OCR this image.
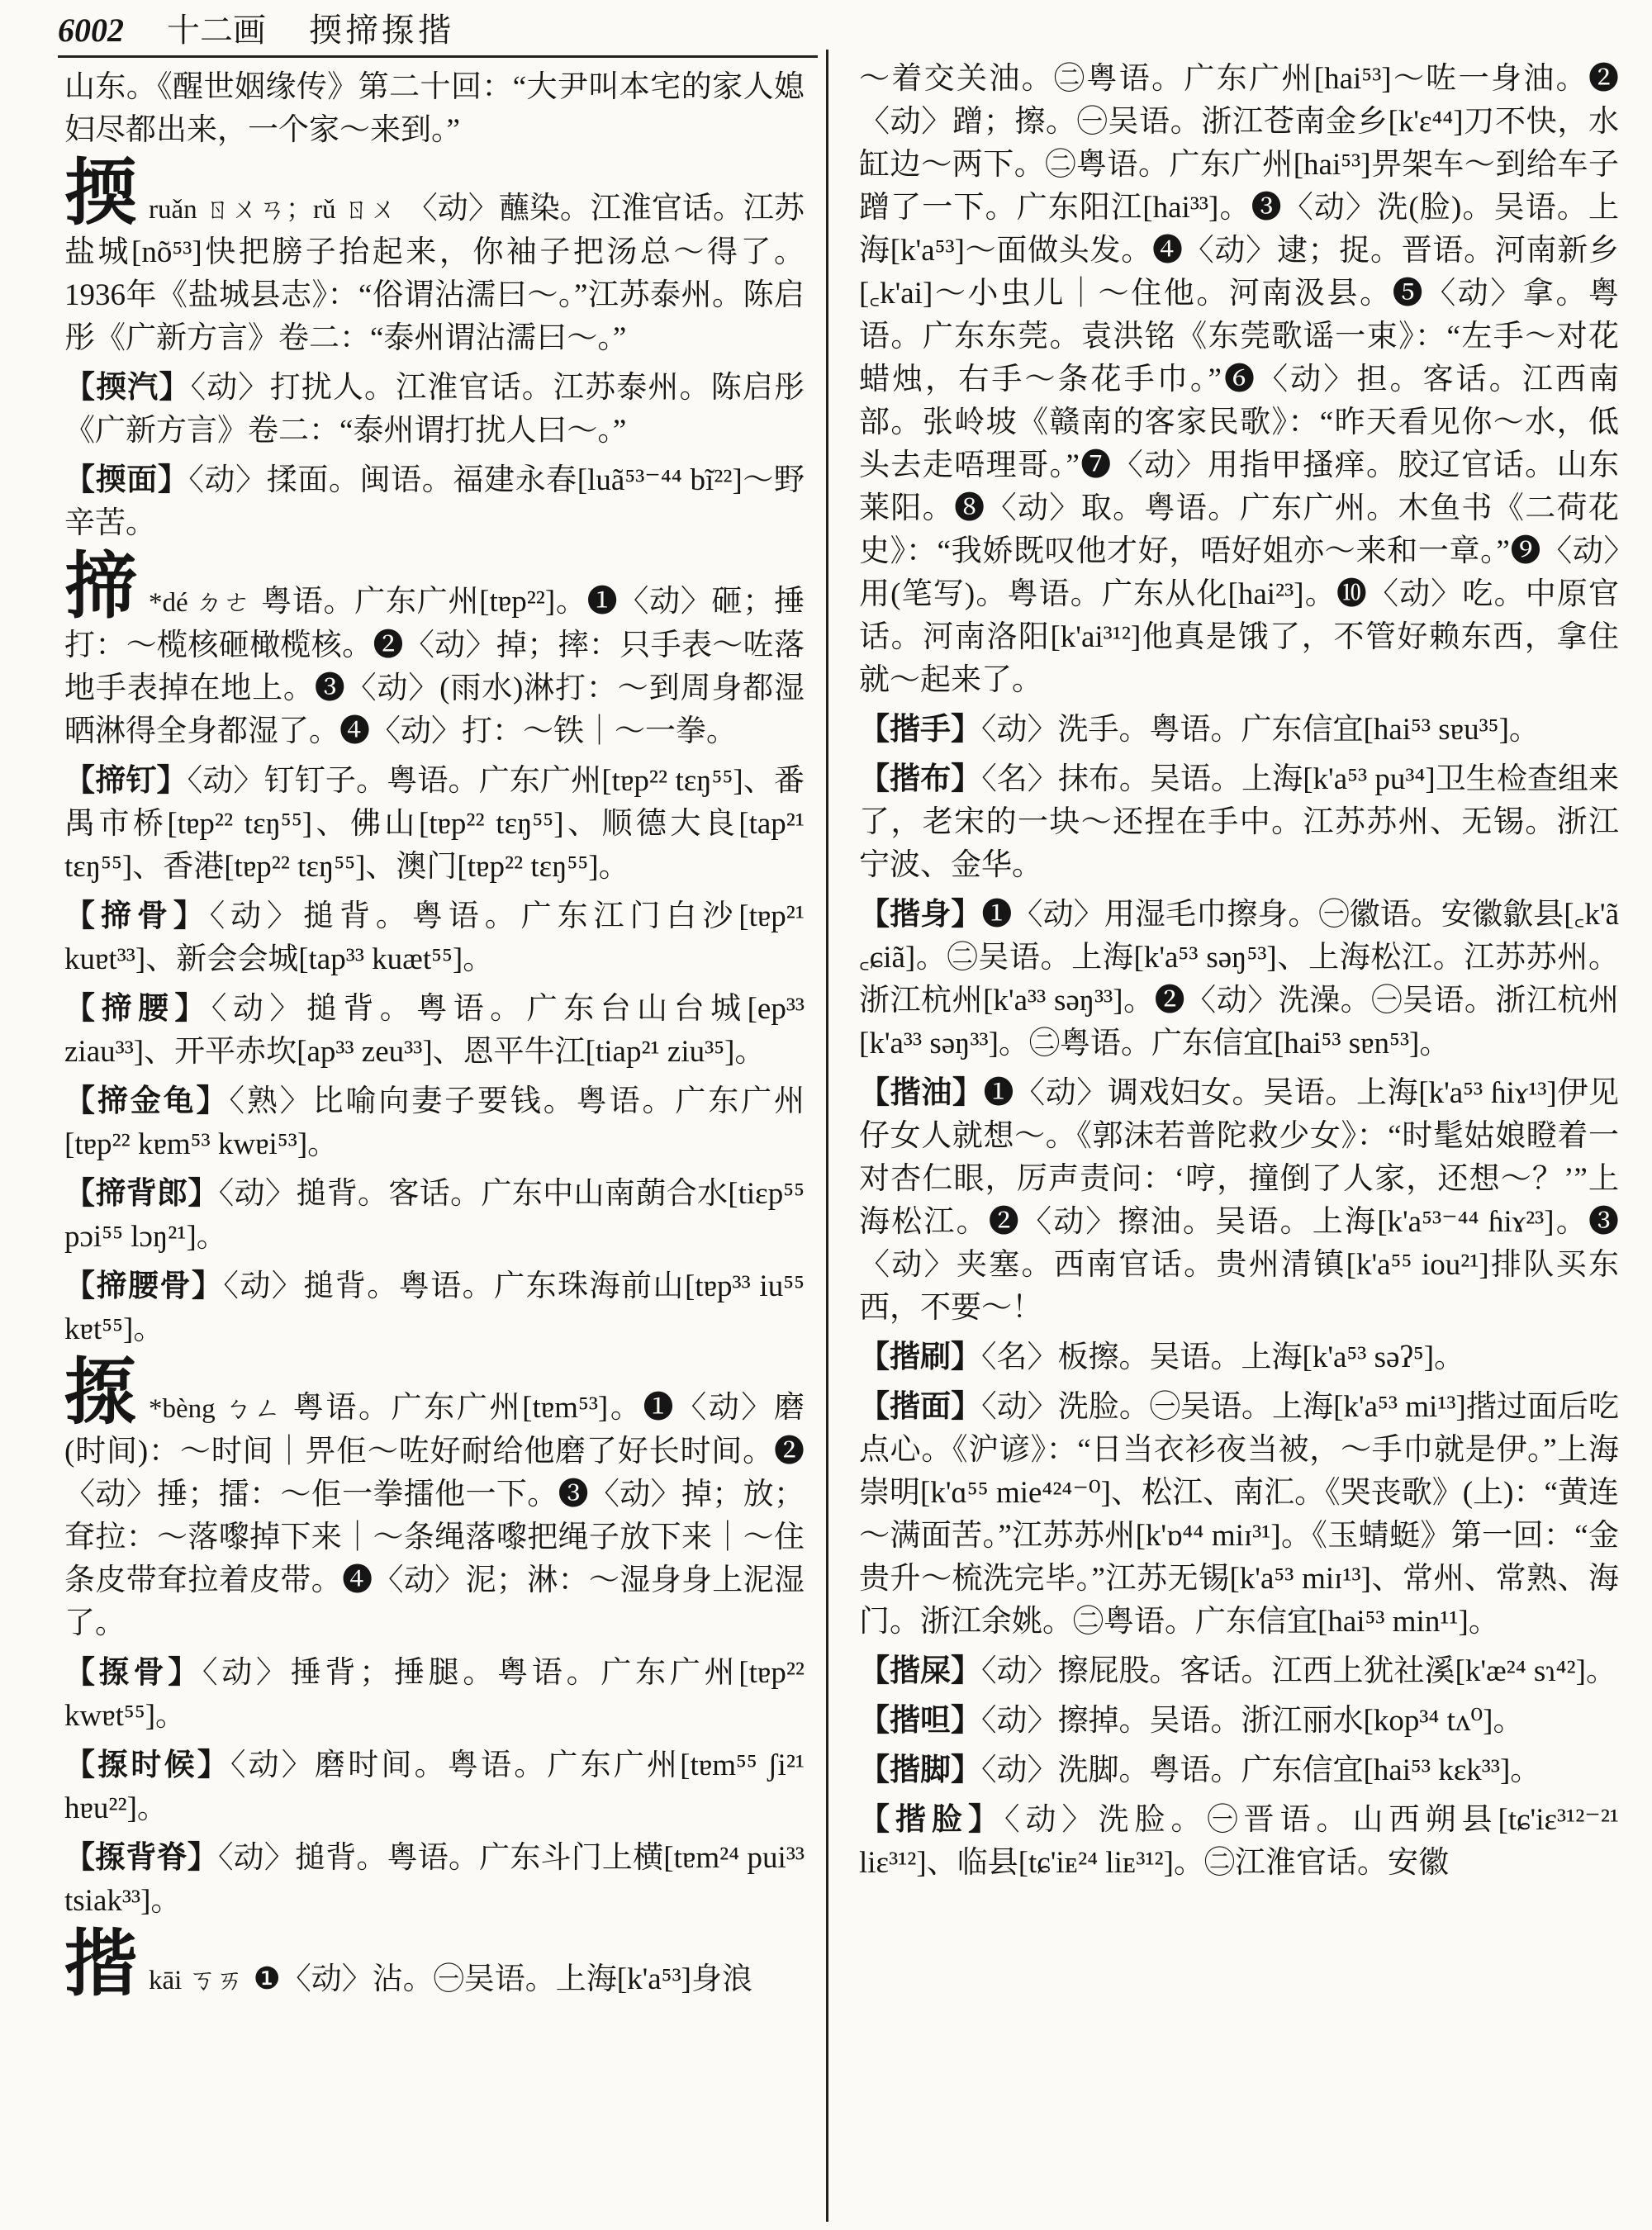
6002 十二画 㨎揥揼揩

山东。《醒世姻缘传》第二十回：“大尹叫本宅的家人媳妇尽都出来，一个家～来到。”

㨎ruǎn ㄖㄨㄢ；rǔ ㄖㄨ 〈动〉蘸染。江淮官话。江苏盐城[nõ⁵³]快把膀子抬起来，你袖子把汤总～得了。1936年《盐城县志》：“俗谓沾濡曰～。”江苏泰州。陈启彤《广新方言》卷二：“泰州谓沾濡曰～。”
【㨎汽】〈动〉打扰人。江淮官话。江苏泰州。陈启彤《广新方言》卷二：“泰州谓打扰人曰～。”
【㨎面】〈动〉揉面。闽语。福建永春[luã⁵³⁻⁴⁴ bĩ²²]～野辛苦。
揥 *dé ㄉㄜ 粤语。广东广州[tɐp²²]。❶〈动〉砸；捶打：～榄核砸橄榄核。❷〈动〉掉；摔：只手表～咗落地手表掉在地上。❸〈动〉(雨水)淋打：～到周身都湿晒淋得全身都湿了。❹〈动〉打：～铁｜～一拳。
【揥钉】〈动〉钉钉子。粤语。广东广州[tɐp²² tɛŋ⁵⁵]、番禺市桥[tɐp²² tɛŋ⁵⁵]、佛山[tɐp²² tɛŋ⁵⁵]、顺德大良[tap²¹ tɛŋ⁵⁵]、香港[tɐp²² tɛŋ⁵⁵]、澳门[tɐp²² tɛŋ⁵⁵]。
【揥骨】〈动〉搥背。粤语。广东江门白沙[tɐp²¹ kuɐt³³]、新会会城[tap³³ kuæt⁵⁵]。
【揥腰】〈动〉搥背。粤语。广东台山台城[ep³³ ziau³³]、开平赤坎[ap³³ zeu³³]、恩平牛江[tiap²¹ ziu³⁵]。
【揥金龟】〈熟〉比喻向妻子要钱。粤语。广东广州[tɐp²² kɐm⁵³ kwɐi⁵³]。
【揥背郎】〈动〉搥背。客话。广东中山南蓢合水[tiɛp⁵⁵ pɔi⁵⁵ lɔŋ²¹]。
【揥腰骨】〈动〉搥背。粤语。广东珠海前山[tɐp³³ iu⁵⁵ kɐt⁵⁵]。
揼 *bèng ㄅㄥ 粤语。广东广州[tɐm⁵³]。❶〈动〉磨(时间)：～时间｜畀佢～咗好耐给他磨了好长时间。❷〈动〉捶；擂：～佢一拳擂他一下。❸〈动〉掉；放；耷拉：～落嚟掉下来｜～条绳落嚟把绳子放下来｜～住条皮带耷拉着皮带。❹〈动〉泥；淋：～湿身身上泥湿了。
【揼骨】〈动〉捶背；捶腿。粤语。广东广州[tɐp²² kwɐt⁵⁵]。
【揼时候】〈动〉磨时间。粤语。广东广州[tɐm⁵⁵ ʃi²¹ hɐu²²]。
【揼背脊】〈动〉搥背。粤语。广东斗门上横[tɐm²⁴ pui³³ tsiak³³]。
揩kāi ㄎㄞ ❶〈动〉沾。㊀吴语。上海[k'a⁵³]身浪

～着交关油。㊁粤语。广东广州[hai⁵³]～咗一身油。❷〈动〉蹭；擦。㊀吴语。浙江苍南金乡[k'ɛ⁴⁴]刀不快，水缸边～两下。㊁粤语。广东广州[hai⁵³]畀架车～到给车子蹭了一下。广东阳江[hai³³]。❸〈动〉洗(脸)。吴语。上海[k'a⁵³]～面做头发。❹〈动〉逮；捉。晋语。河南新乡[꜀k'ai]～小虫儿｜～住他。河南汲县。❺〈动〉拿。粤语。广东东莞。袁洪铭《东莞歌谣一束》：“左手～对花蜡烛，右手～条花手巾。”❻〈动〉担。客话。江西南部。张岭坡《赣南的客家民歌》：“昨天看见你～水，低头去走唔理哥。”❼〈动〉用指甲搔痒。胶辽官话。山东莱阳。❽〈动〉取。粤语。广东广州。木鱼书《二荷花史》：“我娇既叹他才好，唔好姐亦～来和一章。”❾〈动〉用(笔写)。粤语。广东从化[hai²³]。❿〈动〉吃。中原官话。河南洛阳[k'ai³¹²]他真是饿了，不管好赖东西，拿住就～起来了。

【揩手】〈动〉洗手。粤语。广东信宜[hai⁵³ sɐu³⁵]。
【揩布】〈名〉抹布。吴语。上海[k'a⁵³ pu³⁴]卫生检查组来了，老宋的一块～还捏在手中。江苏苏州、无锡。浙江宁波、金华。
【揩身】❶〈动〉用湿毛巾擦身。㊀徽语。安徽歙县[꜀k'ã ꜀ɕiã]。㊁吴语。上海[k'a⁵³ səŋ⁵³]、上海松江。江苏苏州。浙江杭州[k'a³³ səŋ³³]。❷〈动〉洗澡。㊀吴语。浙江杭州[k'a³³ səŋ³³]。㊁粤语。广东信宜[hai⁵³ sɐn⁵³]。
【揩油】❶〈动〉调戏妇女。吴语。上海[k'a⁵³ ɦiɤ¹³]伊见仔女人就想～。《郭沫若普陀救少女》：“时髦姑娘瞪着一对杏仁眼，厉声责问：‘哼，撞倒了人家，还想～？’”上海松江。❷〈动〉擦油。吴语。上海[k'a⁵³⁻⁴⁴ ɦiɤ²³]。❸〈动〉夹塞。西南官话。贵州清镇[k'a⁵⁵ iou²¹]排队买东西，不要～！
【揩刷】〈名〉板擦。吴语。上海[k'a⁵³ səʔ⁵]。
【揩面】〈动〉洗脸。㊀吴语。上海[k'a⁵³ mi¹³]揩过面后吃点心。《沪谚》：“日当衣衫夜当被，～手巾就是伊。”上海崇明[k'ɑ⁵⁵ mie⁴²⁴⁻⁰]、松江、南汇。《哭丧歌》(上)：“黄连～满面苦。”江苏苏州[k'ɒ⁴⁴ miɪ³¹]。《玉蜻蜓》第一回：“金贵升～梳洗完毕。”江苏无锡[k'a⁵³ miɪ¹³]、常州、常熟、海门。浙江余姚。㊁粤语。广东信宜[hai⁵³ min¹¹]。
【揩屎】〈动〉擦屁股。客话。江西上犹社溪[k'æ²⁴ sɿ⁴²]。
【揩呾】〈动〉擦掉。吴语。浙江丽水[kop³⁴ tʌ⁰]。
【揩脚】〈动〉洗脚。粤语。广东信宜[hai⁵³ kɛk³³]。
【揩脸】〈动〉洗脸。㊀晋语。山西朔县[tɕ'iɛ³¹²⁻²¹ liɛ³¹²]、临县[tɕ'iᴇ²⁴ liᴇ³¹²]。㊁江淮官话。安徽
